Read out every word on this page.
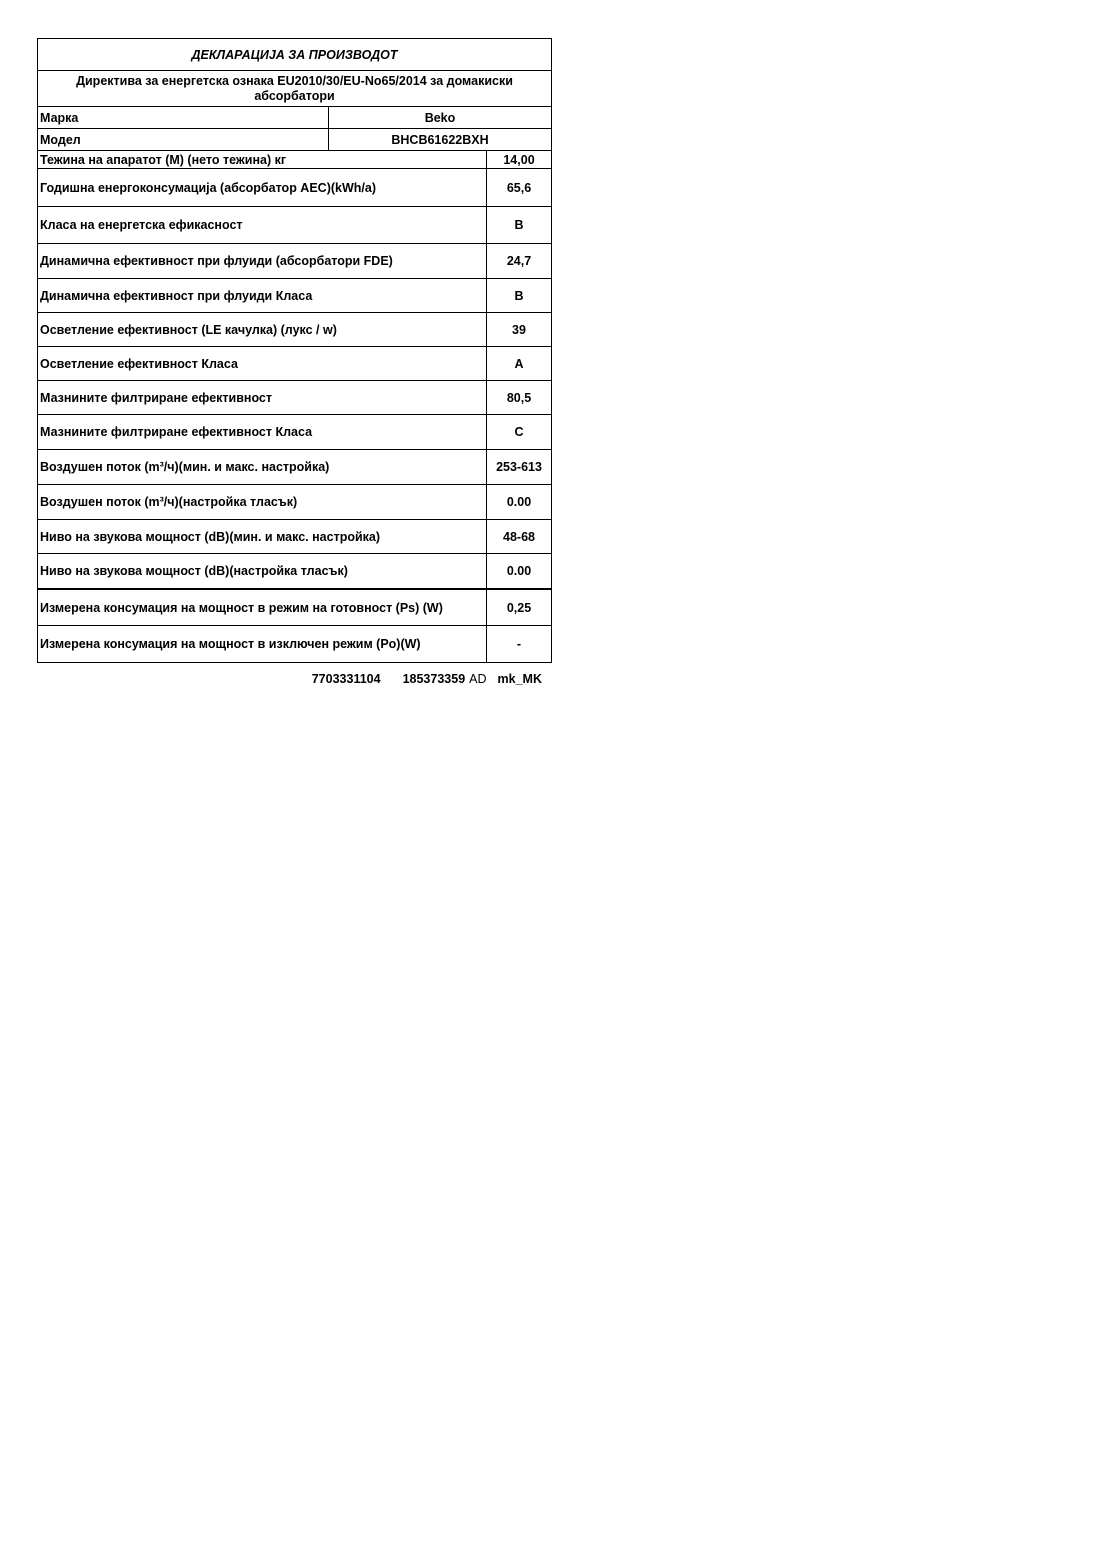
ДЕКЛАРАЦИЈА ЗА ПРОИЗВОДОТ
Директива за енергетска ознака EU2010/30/EU-No65/2014 за домакиски абсорбатори
Марка	Beko
Модел	BHCB61622BXH
Тежина на апаратот (M) (нето тежина) кг	14,00
Годишна енергоконсумација (абсорбатор AEC)(kWh/a)	65,6
Класа на енергетска ефикасност	B
Динамична ефективност при флуиди (абсорбатори FDE)	24,7
Динамична ефективност при флуиди Класа	B
Осветление ефективност (LE качулка) (лукс / w)	39
Осветление ефективност Класа	A
Мазнините филтриране ефективност	80,5
Мазнините филтриране ефективност Класа	C
Воздушен поток (m³/ч)(мин. и макс. настройка)	253-613
Воздушен поток (m³/ч)(настройка тласък)	0.00
Ниво на звукова мощност (dB)(мин. и макс. настройка)	48-68
Ниво на звукова мощност (dB)(настройка тласък)	0.00
Измерена консумация на мощност в режим на готовност (Ps) (W)	0,25
Измерена консумация на мощност в изключен режим (Po)(W)	-
7703331104 185373359 AD mk_MK
